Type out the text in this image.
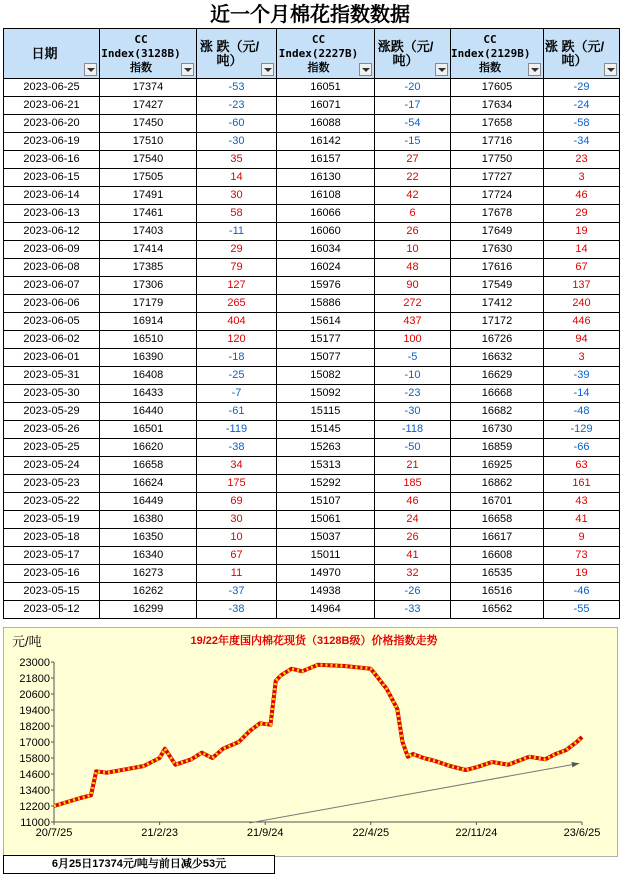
近一个月棉花指数数据
日期	CC
Index(3128B)
指数	涨 跌（元/
吨）	CC
Index(2227B)
指数	涨跌（元/
吨）	CC
Index(2129B)
指数	涨 跌（元/
吨）

2023-06-25	17374	-53	16051	-20	17605	-29
2023-06-21	17427	-23	16071	-17	17634	-24
2023-06-20	17450	-60	16088	-54	17658	-58
2023-06-19	17510	-30	16142	-15	17716	-34
2023-06-16	17540	35	16157	27	17750	23
2023-06-15	17505	14	16130	22	17727	3
2023-06-14	17491	30	16108	42	17724	46
2023-06-13	17461	58	16066	6	17678	29
2023-06-12	17403	-11	16060	26	17649	19
2023-06-09	17414	29	16034	10	17630	14
2023-06-08	17385	79	16024	48	17616	67
2023-06-07	17306	127	15976	90	17549	137
2023-06-06	17179	265	15886	272	17412	240
2023-06-05	16914	404	15614	437	17172	446
2023-06-02	16510	120	15177	100	16726	94
2023-06-01	16390	-18	15077	-5	16632	3
2023-05-31	16408	-25	15082	-10	16629	-39
2023-05-30	16433	-7	15092	-23	16668	-14
2023-05-29	16440	-61	15115	-30	16682	-48
2023-05-26	16501	-119	15145	-118	16730	-129
2023-05-25	16620	-38	15263	-50	16859	-66
2023-05-24	16658	34	15313	21	16925	63
2023-05-23	16624	175	15292	185	16862	161
2023-05-22	16449	69	15107	46	16701	43
2023-05-19	16380	30	15061	24	16658	41
2023-05-18	16350	10	15037	26	16617	9
2023-05-17	16340	67	15011	41	16608	73
2023-05-16	16273	11	14970	32	16535	19
2023-05-15	16262	-37	14938	-26	16516	-46
2023-05-12	16299	-38	14964	-33	16562	-55
元/吨	19/22年度国内棉花现货（3128B级）价格指数走势
11000
12200
13400
14600
15800
17000
18200
19400
20600
21800
23000
20/7/25	21/2/23	21/9/24	22/4/25	22/11/24	23/6/25
6月25日17374元/吨与前日减少53元
